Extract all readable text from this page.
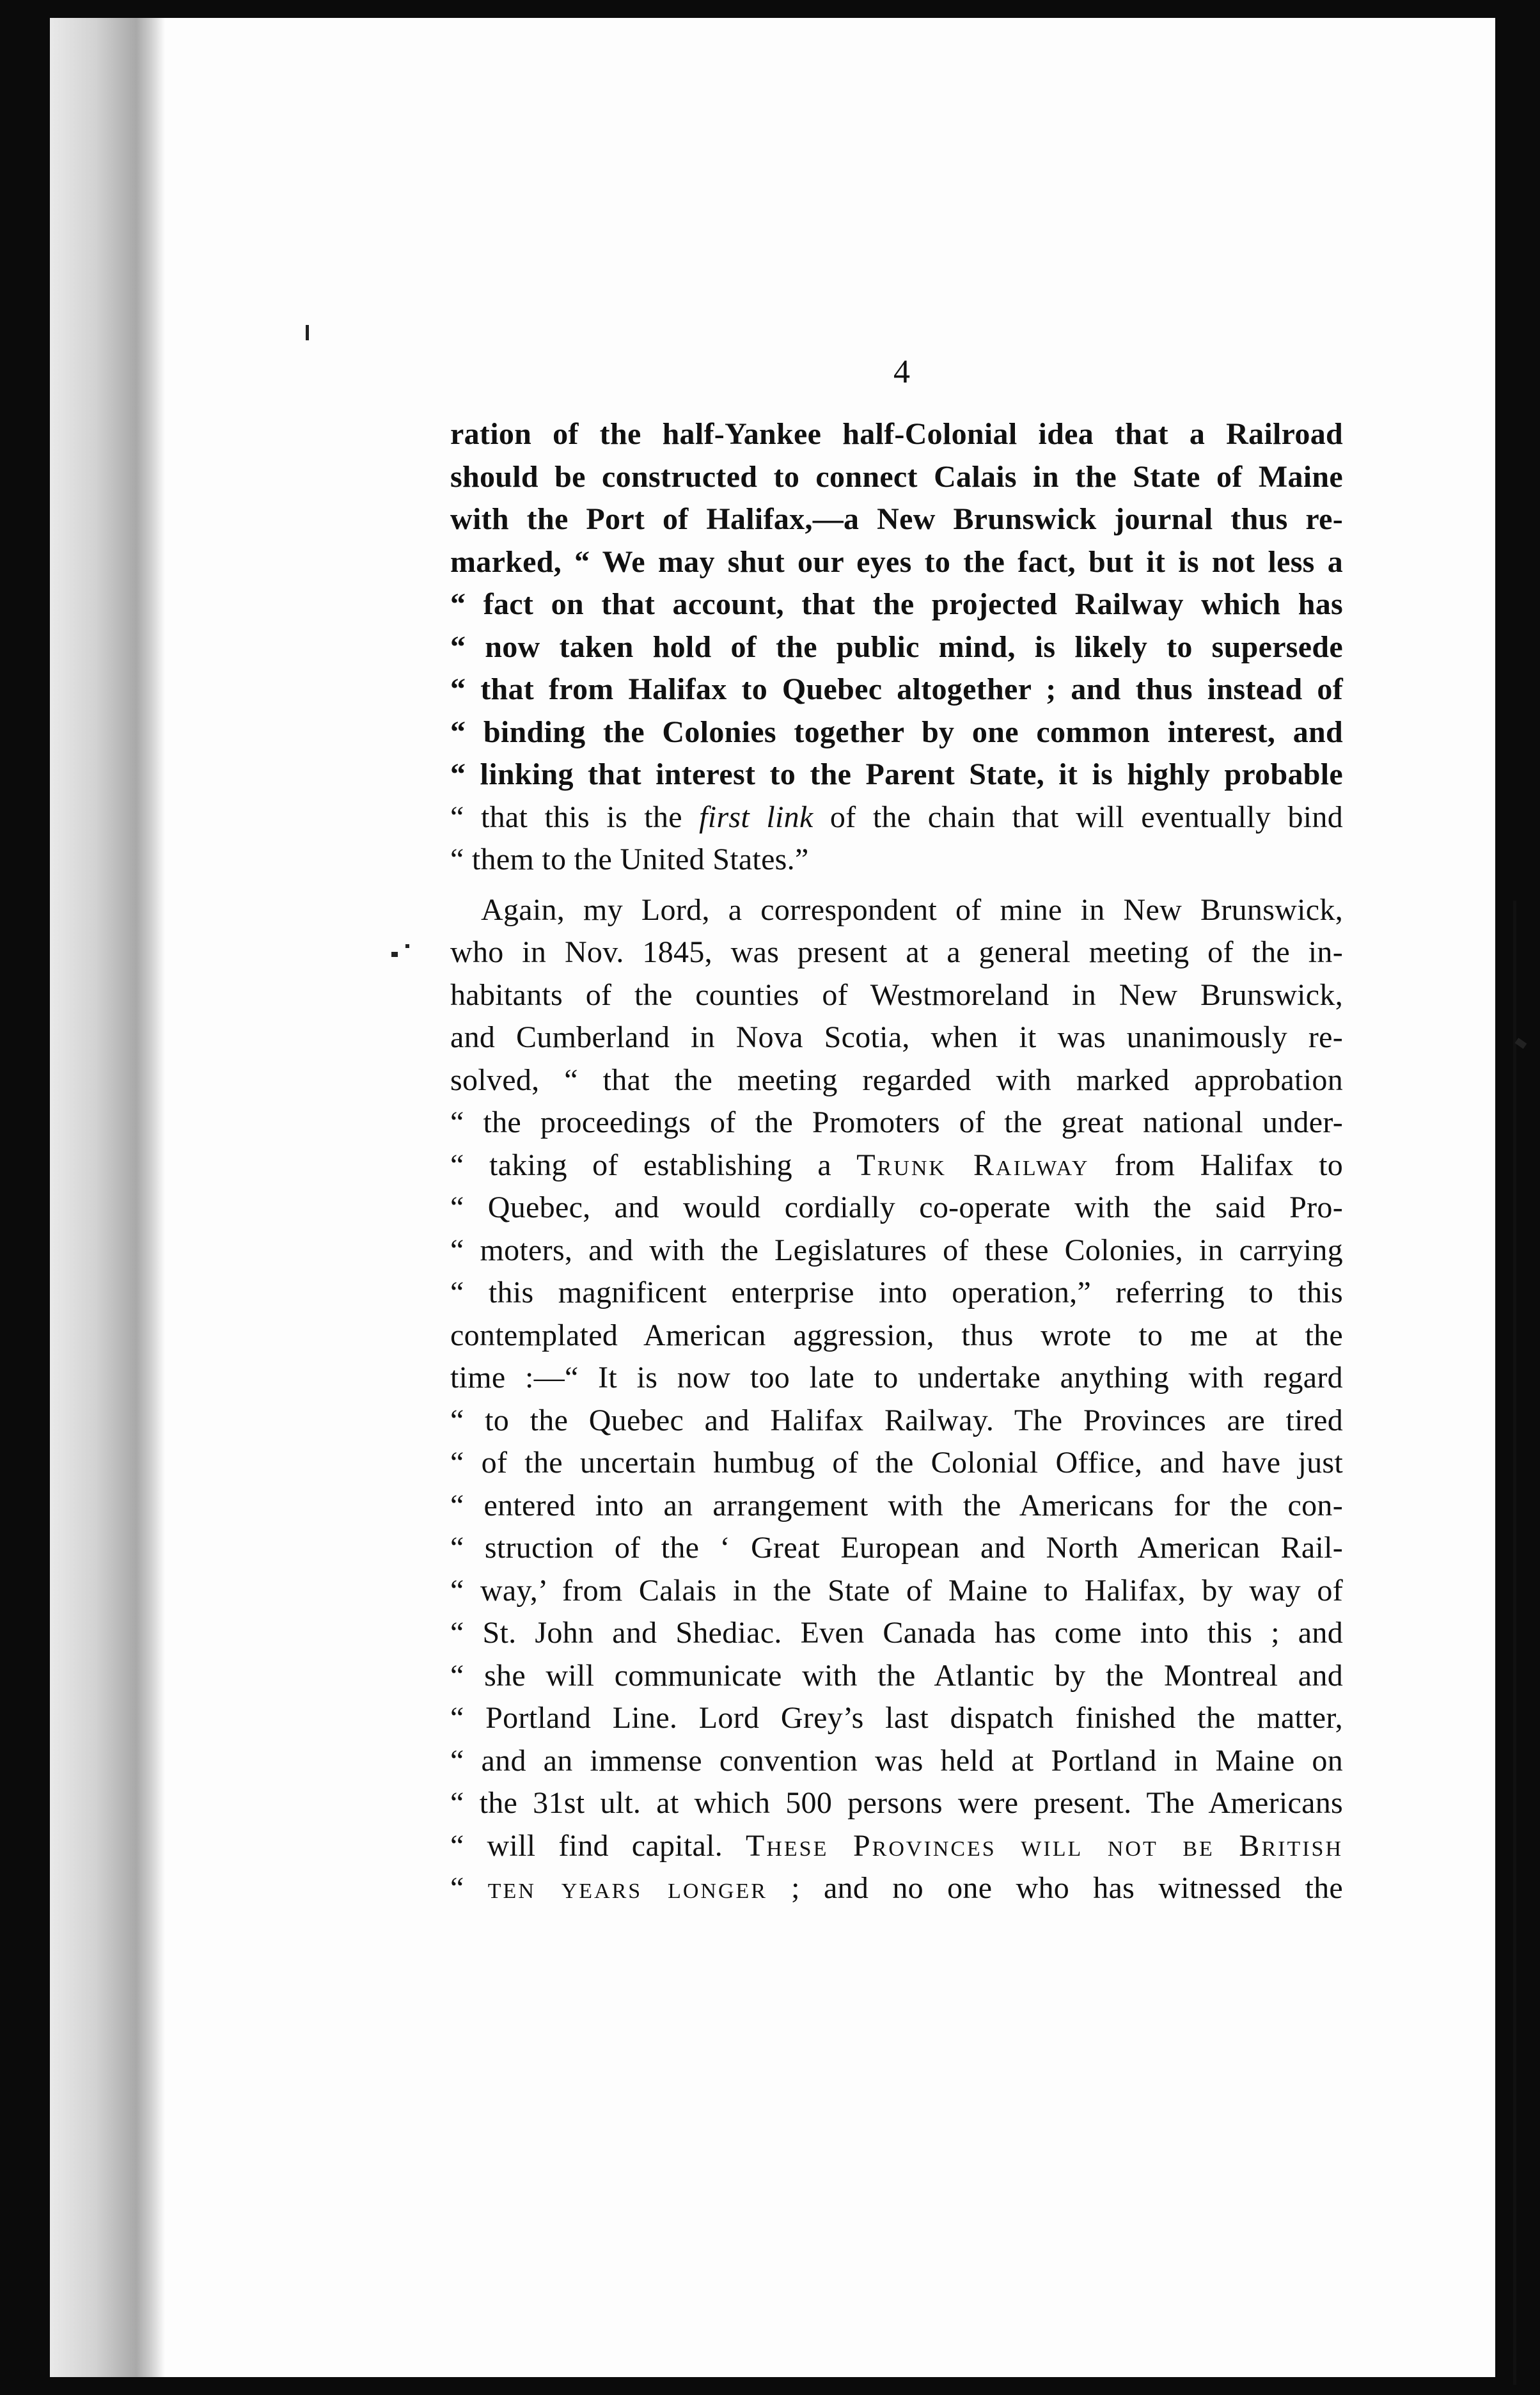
4
ration of the half-Yankee half-Colonial idea that a Railroad
should be constructed to connect Calais in the State of Maine
with the Port of Halifax,—a New Brunswick journal thus re-
marked, “ We may shut our eyes to the fact, but it is not less a
“ fact on that account, that the projected Railway which has
“ now taken hold of the public mind, is likely to supersede
“ that from Halifax to Quebec altogether ; and thus instead of
“ binding the Colonies together by one common interest, and
“ linking that interest to the Parent State, it is highly probable
“ that this is the first link of the chain that will eventually bind
“ them to the United States.”
Again, my Lord, a correspondent of mine in New Brunswick,
who in Nov. 1845, was present at a general meeting of the in-
habitants of the counties of Westmoreland in New Brunswick,
and Cumberland in Nova Scotia, when it was unanimously re-
solved, “ that the meeting regarded with marked approbation
“ the proceedings of the Promoters of the great national under-
“ taking of establishing a Trunk Railway from Halifax to
“ Quebec, and would cordially co-operate with the said Pro-
“ moters, and with the Legislatures of these Colonies, in carrying
“ this magnificent enterprise into operation,” referring to this
contemplated American aggression, thus wrote to me at the
time :—“ It is now too late to undertake anything with regard
“ to the Quebec and Halifax Railway. The Provinces are tired
“ of the uncertain humbug of the Colonial Office, and have just
“ entered into an arrangement with the Americans for the con-
“ struction of the ‘ Great European and North American Rail-
“ way,’ from Calais in the State of Maine to Halifax, by way of
“ St. John and Shediac. Even Canada has come into this ; and
“ she will communicate with the Atlantic by the Montreal and
“ Portland Line. Lord Grey’s last dispatch finished the matter,
“ and an immense convention was held at Portland in Maine on
“ the 31st ult. at which 500 persons were present. The Americans
“ will find capital. These Provinces will not be British
“ ten years longer ; and no one who has witnessed the
